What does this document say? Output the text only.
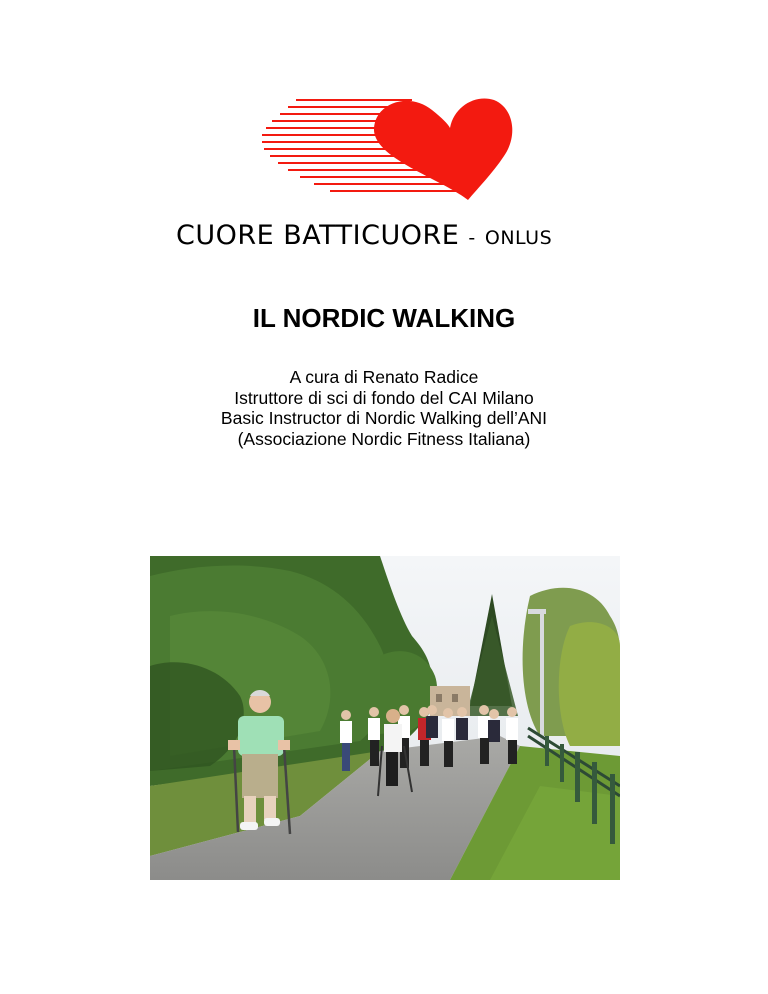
CUORE BATTICUORE - ONLUS
IL NORDIC WALKING
A cura di Renato Radice
Istruttore di sci di fondo del CAI Milano
Basic Instructor di Nordic Walking dell’ANI
(Associazione Nordic Fitness Italiana)
